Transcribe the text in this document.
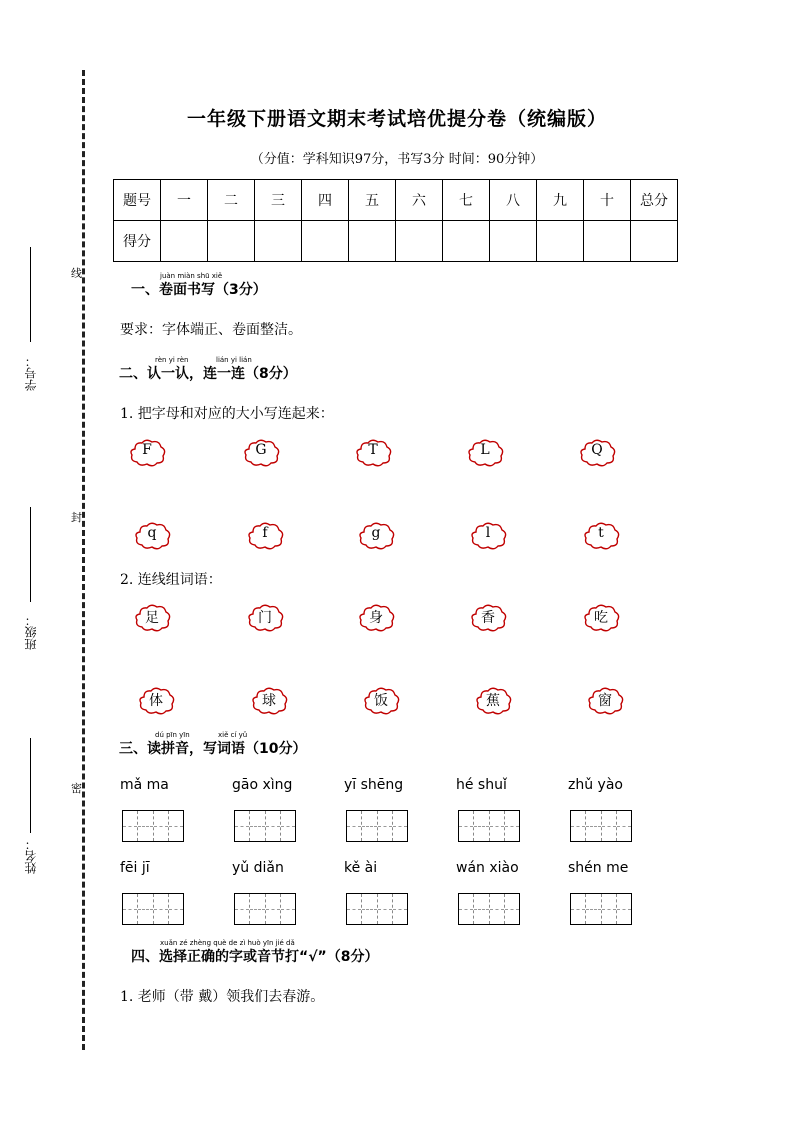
线
封
密
学号：
班级：
姓名：
一年级下册语文期末考试培优提分卷（统编版）
（分值：学科知识97分，书写3分 时间：90分钟）
题号	一	二	三	四	五	六	七	八	九	十	总分
得分											
juàn miàn shū xiě
一、卷面书写（3分）
要求：字体端正、卷面整洁。
rèn yi rèn	lián yi lián
二、认一认，连一连（8分）
1. 把字母和对应的大小写连起来：
F	G	T	L	Q
q	f	g	l	t
2. 连线组词语：
足	门	身	香	吃
体	球	饭	蕉	窗
dú pīn yīn	xiě cí yǔ
三、读拼音，写词语（10分）
mǎ ma	gāo xìng	yī shēng	hé shuǐ	zhǔ yào
fēi jī	yǔ diǎn	kě ài	wán xiào	shén me
xuǎn zé zhèng què de zì huò yīn jié dǎ
四、选择正确的字或音节打“√”（8分）
1. 老师（带 戴）领我们去春游。
